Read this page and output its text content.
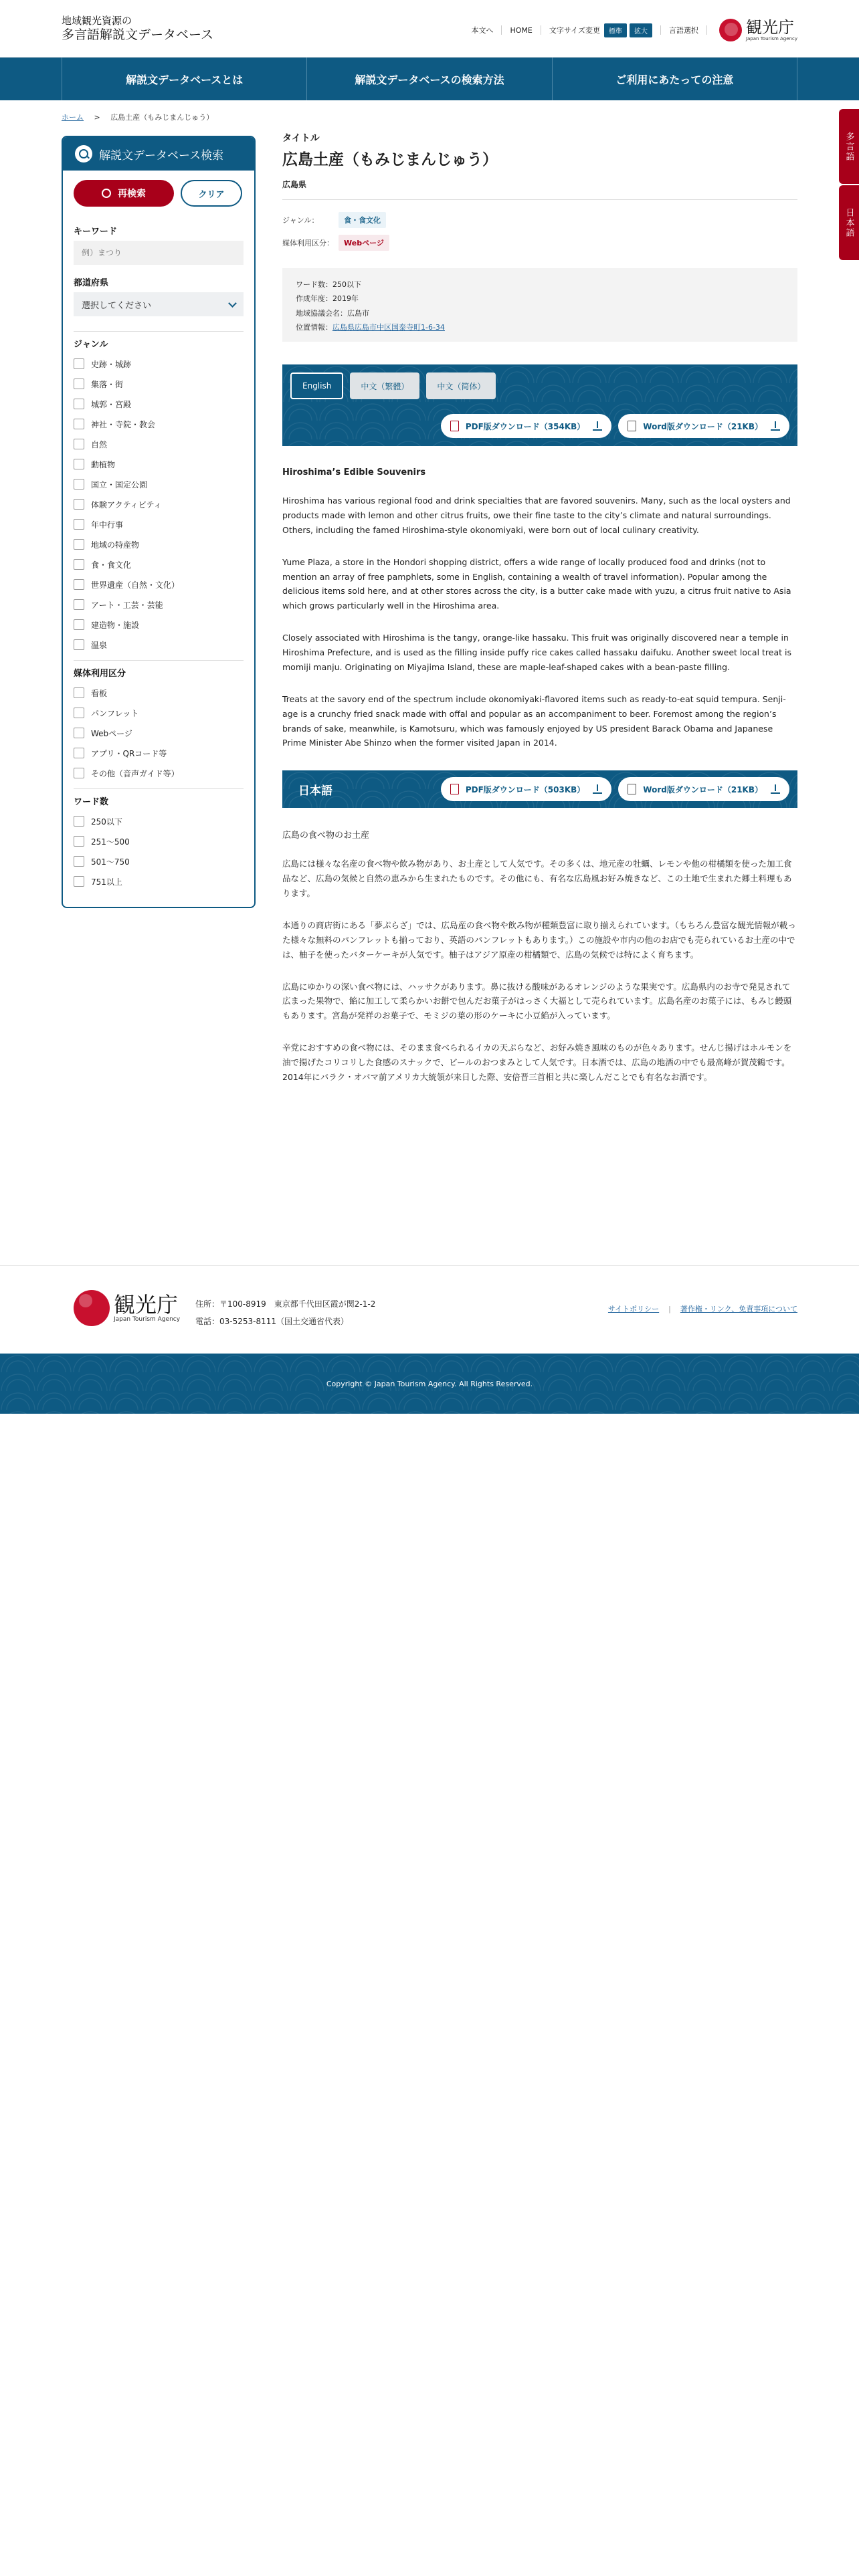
地域観光資源の
多言語解説文データベース	本文へ	HOME	文字サイズ変更	標準	拡大	言語選択	観光庁
Japan Tourism Agency
解説文データベースとは	解説文データベースの検索方法	ご利用にあたっての注意
ホーム > 広島土産（もみじまんじゅう）
多言語
日本語
解説文データベース検索
再検索	クリア
キーワード
例）まつり
都道府県
選択してください
ジャンル
史跡・城跡
集落・街
城郭・宮殿
神社・寺院・教会
自然
動植物
国立・国定公園
体験アクティビティ
年中行事
地域の特産物
食・食文化
世界遺産（自然・文化）
アート・工芸・芸能
建造物・施設
温泉
媒体利用区分
看板
パンフレット
Webページ
アプリ・QRコード等
その他（音声ガイド等）
ワード数
250以下
251〜500
501〜750
751以上
タイトル
広島土産（もみじまんじゅう）
広島県
ジャンル：	食・食文化
媒体利用区分：	Webページ
ワード数：250以下
作成年度：2019年
地域協議会名：広島市
位置情報：広島県広島市中区国泰寺町1-6-34
English	中文（繁體）	中文（简体）
PDF版ダウンロード（354KB）	Word版ダウンロード（21KB）
Hiroshima’s Edible Souvenirs

Hiroshima has various regional food and drink specialties that are favored souvenirs. Many, such as the local oysters and products made with lemon and other citrus fruits, owe their fine taste to the city’s climate and natural surroundings. Others, including the famed Hiroshima-style okonomiyaki, were born out of local culinary creativity.

Yume Plaza, a store in the Hondori shopping district, offers a wide range of locally produced food and drinks (not to mention an array of free pamphlets, some in English, containing a wealth of travel information). Popular among the delicious items sold here, and at other stores across the city, is a butter cake made with yuzu, a citrus fruit native to Asia which grows particularly well in the Hiroshima area.

Closely associated with Hiroshima is the tangy, orange-like hassaku. This fruit was originally discovered near a temple in Hiroshima Prefecture, and is used as the filling inside puffy rice cakes called hassaku daifuku. Another sweet local treat is momiji manju. Originating on Miyajima Island, these are maple-leaf-shaped cakes with a bean-paste filling.

Treats at the savory end of the spectrum include okonomiyaki-flavored items such as ready-to-eat squid tempura. Senji-age is a crunchy fried snack made with offal and popular as an accompaniment to beer. Foremost among the region’s brands of sake, meanwhile, is Kamotsuru, which was famously enjoyed by US president Barack Obama and Japanese Prime Minister Abe Shinzo when the former visited Japan in 2014.

日本語	PDF版ダウンロード（503KB）	Word版ダウンロード（21KB）
広島の食べ物のお土産

広島には様々な名産の食べ物や飲み物があり、お土産として人気です。その多くは、地元産の牡蠣、レモンや他の柑橘類を使った加工食品など、広島の気候と自然の恵みから生まれたものです。その他にも、有名な広島風お好み焼きなど、この土地で生まれた郷土料理もあります。

本通りの商店街にある「夢ぷらざ」では、広島産の食べ物や飲み物が種類豊富に取り揃えられています。（もちろん豊富な観光情報が載った様々な無料のパンフレットも揃っており、英語のパンフレットもあります。）この施設や市内の他のお店でも売られているお土産の中では、柚子を使ったバターケーキが人気です。柚子はアジア原産の柑橘類で、広島の気候では特によく育ちます。

広島にゆかりの深い食べ物には、ハッサクがあります。鼻に抜ける酸味があるオレンジのような果実です。広島県内のお寺で発見されて広まった果物で、餡に加工して柔らかいお餅で包んだお菓子がはっさく大福として売られています。広島名産のお菓子には、もみじ饅頭もあります。宮島が発祥のお菓子で、モミジの葉の形のケーキに小豆餡が入っています。

辛党におすすめの食べ物には、そのまま食べられるイカの天ぷらなど、お好み焼き風味のものが色々あります。せんじ揚げはホルモンを油で揚げたコリコリした食感のスナックで、ビールのおつまみとして人気です。日本酒では、広島の地酒の中でも最高峰が賀茂鶴です。2014年にバラク・オバマ前アメリカ大統領が来日した際、安倍晋三首相と共に楽しんだことでも有名なお酒です。

観光庁
Japan Tourism Agency
住所：〒100-8919　東京都千代田区霞が関2-1-2
電話：03-5253-8111（国土交通省代表）
サイトポリシー | 著作権・リンク、免責事項について
Copyright © Japan Tourism Agency. All Rights Reserved.
